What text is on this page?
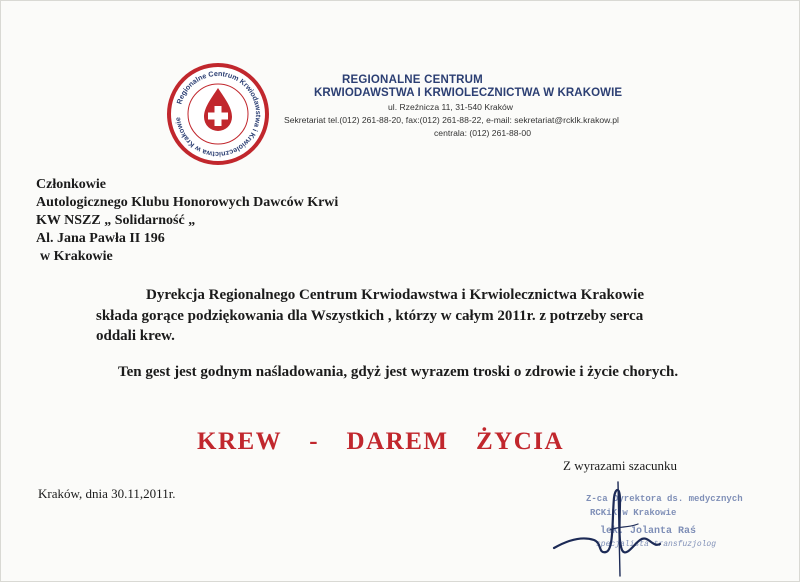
Regionalne Centrum Krwiodawstwa i Krwiolecznictwa w Krakowie
REGIONALNE CENTRUM
KRWIODAWSTWA I KRWIOLECZNICTWA W KRAKOWIE
ul. Rzeźnicza 11, 31-540 Kraków
Sekretariat tel.(012) 261-88-20, fax:(012) 261-88-22, e-mail: sekretariat@rcklk.krakow.pl
centrala: (012) 261-88-00
Członkowie
Autologicznego Klubu Honorowych Dawców Krwi
KW NSZZ „ Solidarność „
Al. Jana Pawła II 196
w Krakowie
Dyrekcja Regionalnego Centrum Krwiodawstwa i Krwiolecznictwa Krakowie
składa gorące podziękowania dla Wszystkich , którzy w całym 2011r. z potrzeby serca
oddali krew.
Ten gest jest godnym naśladowania, gdyż jest wyrazem troski o zdrowie i życie chorych.
KREW  -  DAREM  ŻYCIA
Z wyrazami szacunku
Kraków, dnia 30.11,2011r.	Z-ca Dyrektora ds. medycznych
RCKiK w Krakowie
lek. Jolanta Raś
specjalista transfuzjolog
